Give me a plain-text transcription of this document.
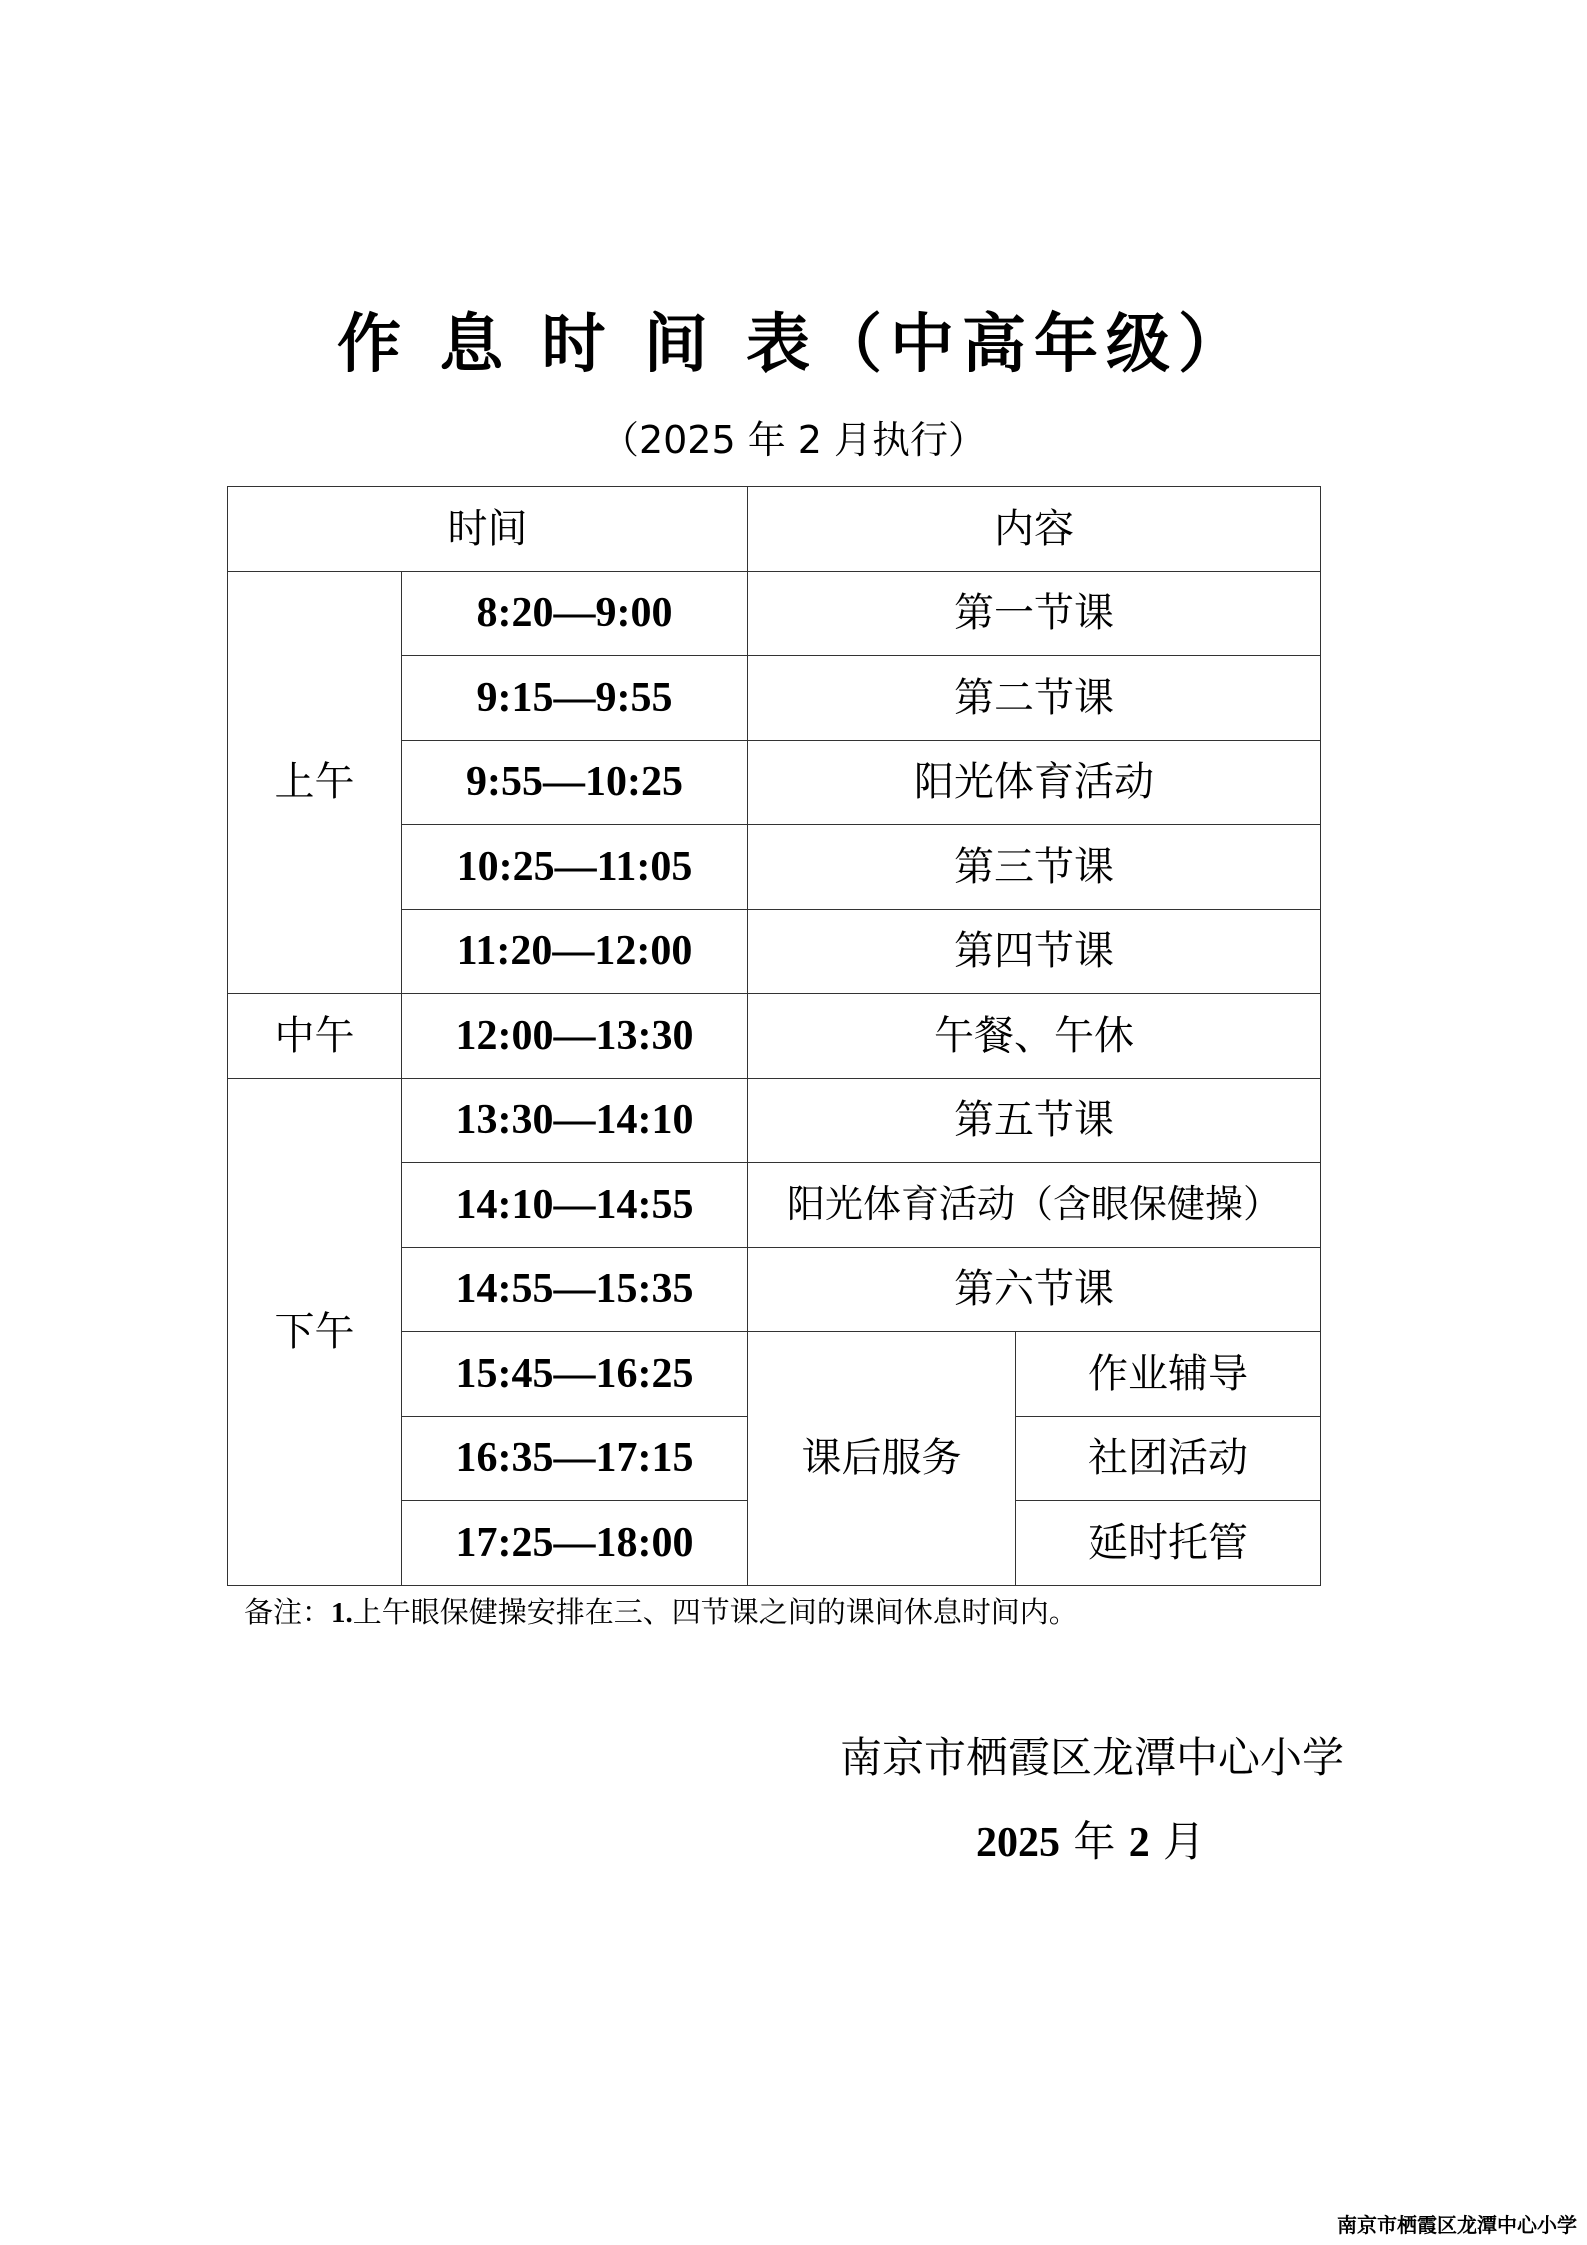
作 息 时 间 表（中高年级）
（2025 年 2 月执行）
时间		内容	
上午	8:20—9:00	第一节课	
	9:15—9:55	第二节课	
	9:55—10:25	阳光体育活动	
	10:25—11:05	第三节课	
	11:20—12:00	第四节课	
中午	12:00—13:30	午餐、午休	
下午	13:30—14:10	第五节课	
	14:10—14:55	阳光体育活动（含眼保健操）	
	14:55—15:35	第六节课	
	15:45—16:25	课后服务	作业辅导
	16:35—17:15		社团活动
	17:25—18:00		延时托管
备注：1.上午眼保健操安排在三、四节课之间的课间休息时间内。
南京市栖霞区龙潭中心小学
2025 年 2 月
南京市栖霞区龙潭中心小学
